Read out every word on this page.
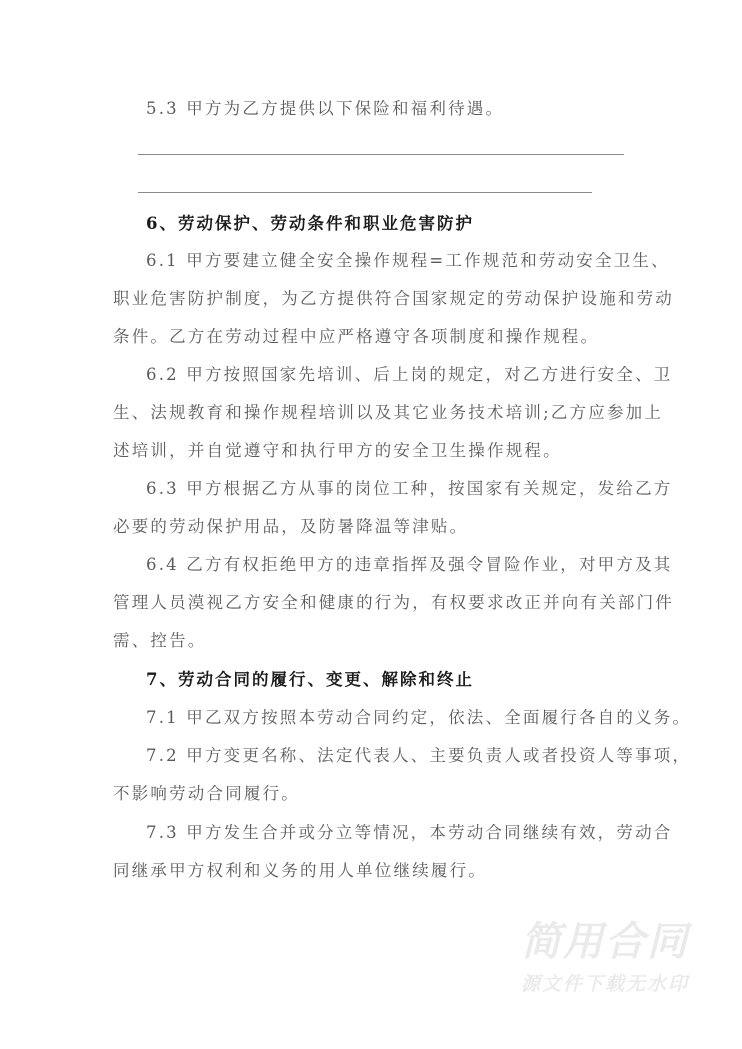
5.3 甲方为乙方提供以下保险和福利待遇。
6、劳动保护、劳动条件和职业危害防护
6.1 甲方要建立健全安全操作规程=工作规范和劳动安全卫生、
职业危害防护制度，为乙方提供符合国家规定的劳动保护设施和劳动
条件。乙方在劳动过程中应严格遵守各项制度和操作规程。
6.2 甲方按照国家先培训、后上岗的规定，对乙方进行安全、卫
生、法规教育和操作规程培训以及其它业务技术培训;乙方应参加上
述培训，并自觉遵守和执行甲方的安全卫生操作规程。
6.3 甲方根据乙方从事的岗位工种，按国家有关规定，发给乙方
必要的劳动保护用品，及防暑降温等津贴。
6.4 乙方有权拒绝甲方的违章指挥及强令冒险作业，对甲方及其
管理人员漠视乙方安全和健康的行为，有权要求改正并向有关部门件
需、控告。
7、劳动合同的履行、变更、解除和终止
7.1 甲乙双方按照本劳动合同约定，依法、全面履行各自的义务。
7.2 甲方变更名称、法定代表人、主要负责人或者投资人等事项，
不影响劳动合同履行。
7.3 甲方发生合并或分立等情况，本劳动合同继续有效，劳动合
同继承甲方权利和义务的用人单位继续履行。
简用合同
源文件下载无水印
